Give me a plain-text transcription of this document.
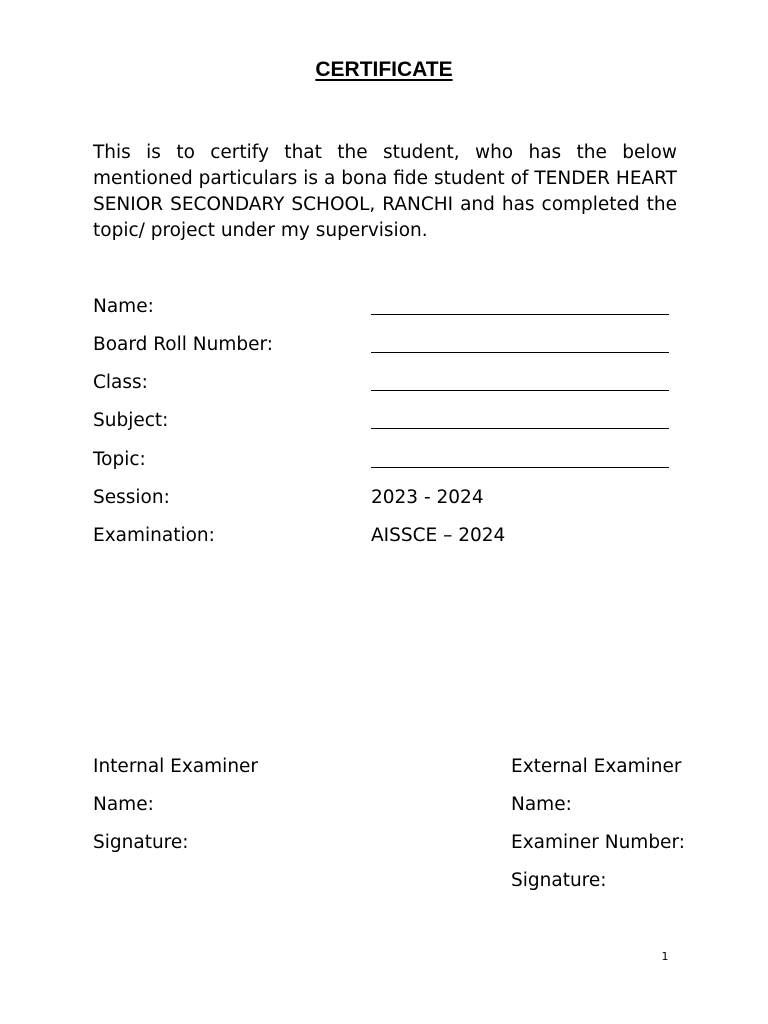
CERTIFICATE

This is to certify that the student, who has the below mentioned particulars is a bona fide student of TENDER HEART SENIOR SECONDARY SCHOOL, RANCHI and has completed the topic/ project under my supervision.

Name:
Board Roll Number:
Class:
Subject:
Topic:
Session:	2023 - 2024
Examination:	AISSCE – 2024
Internal Examiner
Name:
Signature:
External Examiner
Name:
Examiner Number:
Signature:
1
